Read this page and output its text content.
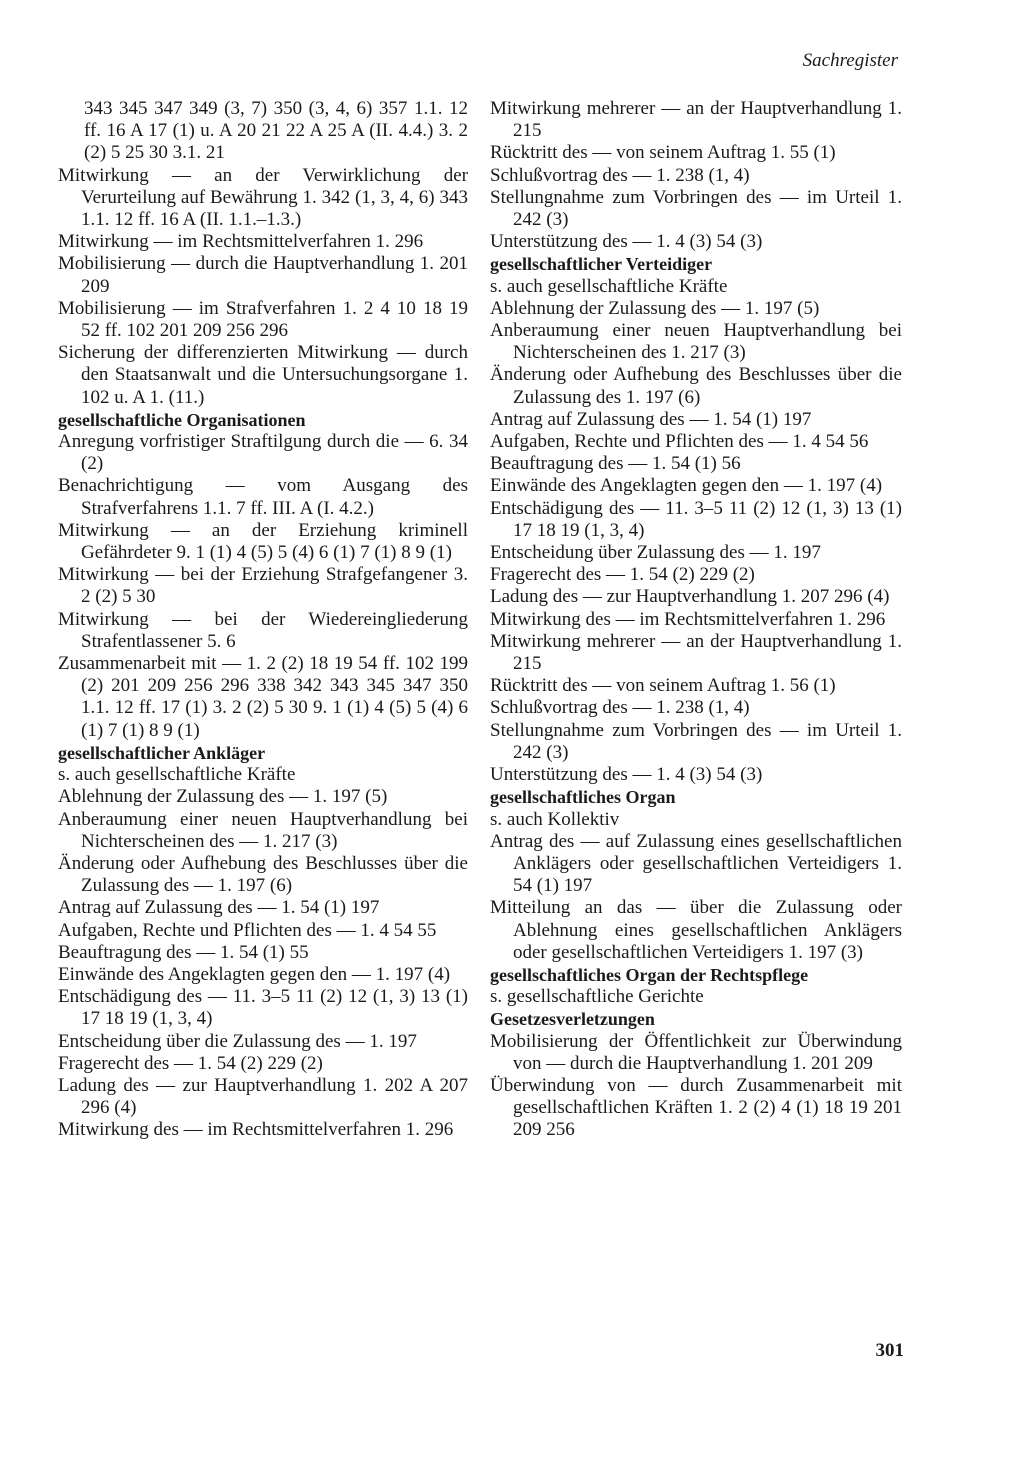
Sachregister
343 345 347 349 (3, 7) 350 (3, 4, 6) 357 1.1. 12 ff. 16 A 17 (1) u. A 20 21 22 A 25 A (II. 4.4.) 3. 2 (2) 5 25 30 3.1. 21
Mitwirkung — an der Verwirklichung der Verurteilung auf Bewährung 1. 342 (1, 3, 4, 6) 343 1.1. 12 ff. 16 A (II. 1.1.–1.3.)
Mitwirkung — im Rechtsmittelverfahren 1. 296
Mobilisierung — durch die Hauptverhandlung 1. 201 209
Mobilisierung — im Strafverfahren 1. 2 4 10 18 19 52 ff. 102 201 209 256 296
Sicherung der differenzierten Mitwirkung — durch den Staatsanwalt und die Untersuchungsorgane 1. 102 u. A 1. (11.)
gesellschaftliche Organisationen
Anregung vorfristiger Straftilgung durch die — 6. 34 (2)
Benachrichtigung — vom Ausgang des Strafverfahrens 1.1. 7 ff. III. A (I. 4.2.)
Mitwirkung — an der Erziehung kriminell Gefährdeter 9. 1 (1) 4 (5) 5 (4) 6 (1) 7 (1) 8 9 (1)
Mitwirkung — bei der Erziehung Strafgefangener 3. 2 (2) 5 30
Mitwirkung — bei der Wiedereingliederung Strafentlassener 5. 6
Zusammenarbeit mit — 1. 2 (2) 18 19 54 ff. 102 199 (2) 201 209 256 296 338 342 343 345 347 350 1.1. 12 ff. 17 (1) 3. 2 (2) 5 30 9. 1 (1) 4 (5) 5 (4) 6 (1) 7 (1) 8 9 (1)
gesellschaftlicher Ankläger
s. auch gesellschaftliche Kräfte
Ablehnung der Zulassung des — 1. 197 (5)
Anberaumung einer neuen Hauptverhandlung bei Nichterscheinen des — 1. 217 (3)
Änderung oder Aufhebung des Beschlusses über die Zulassung des — 1. 197 (6)
Antrag auf Zulassung des — 1. 54 (1) 197
Aufgaben, Rechte und Pflichten des — 1. 4 54 55
Beauftragung des — 1. 54 (1) 55
Einwände des Angeklagten gegen den — 1. 197 (4)
Entschädigung des — 11. 3–5 11 (2) 12 (1, 3) 13 (1) 17 18 19 (1, 3, 4)
Entscheidung über die Zulassung des — 1. 197
Fragerecht des — 1. 54 (2) 229 (2)
Ladung des — zur Hauptverhandlung 1. 202 A 207 296 (4)
Mitwirkung des — im Rechtsmittelverfahren 1. 296
Mitwirkung mehrerer — an der Hauptverhandlung 1. 215
Rücktritt des — von seinem Auftrag 1. 55 (1)
Schlußvortrag des — 1. 238 (1, 4)
Stellungnahme zum Vorbringen des — im Urteil 1. 242 (3)
Unterstützung des — 1. 4 (3) 54 (3)
gesellschaftlicher Verteidiger
s. auch gesellschaftliche Kräfte
Ablehnung der Zulassung des — 1. 197 (5)
Anberaumung einer neuen Hauptverhandlung bei Nichterscheinen des 1. 217 (3)
Änderung oder Aufhebung des Beschlusses über die Zulassung des 1. 197 (6)
Antrag auf Zulassung des — 1. 54 (1) 197
Aufgaben, Rechte und Pflichten des — 1. 4 54 56
Beauftragung des — 1. 54 (1) 56
Einwände des Angeklagten gegen den — 1. 197 (4)
Entschädigung des — 11. 3–5 11 (2) 12 (1, 3) 13 (1) 17 18 19 (1, 3, 4)
Entscheidung über Zulassung des — 1. 197
Fragerecht des — 1. 54 (2) 229 (2)
Ladung des — zur Hauptverhandlung 1. 207 296 (4)
Mitwirkung des — im Rechtsmittelverfahren 1. 296
Mitwirkung mehrerer — an der Hauptverhandlung 1. 215
Rücktritt des — von seinem Auftrag 1. 56 (1)
Schlußvortrag des — 1. 238 (1, 4)
Stellungnahme zum Vorbringen des — im Urteil 1. 242 (3)
Unterstützung des — 1. 4 (3) 54 (3)
gesellschaftliches Organ
s. auch Kollektiv
Antrag des — auf Zulassung eines gesellschaftlichen Anklägers oder gesellschaftlichen Verteidigers 1. 54 (1) 197
Mitteilung an das — über die Zulassung oder Ablehnung eines gesellschaftlichen Anklägers oder gesellschaftlichen Verteidigers 1. 197 (3)
gesellschaftliches Organ der Rechtspflege
s. gesellschaftliche Gerichte
Gesetzesverletzungen
Mobilisierung der Öffentlichkeit zur Überwindung von — durch die Hauptverhandlung 1. 201 209
Überwindung von — durch Zusammenarbeit mit gesellschaftlichen Kräften 1. 2 (2) 4 (1) 18 19 201 209 256
301
